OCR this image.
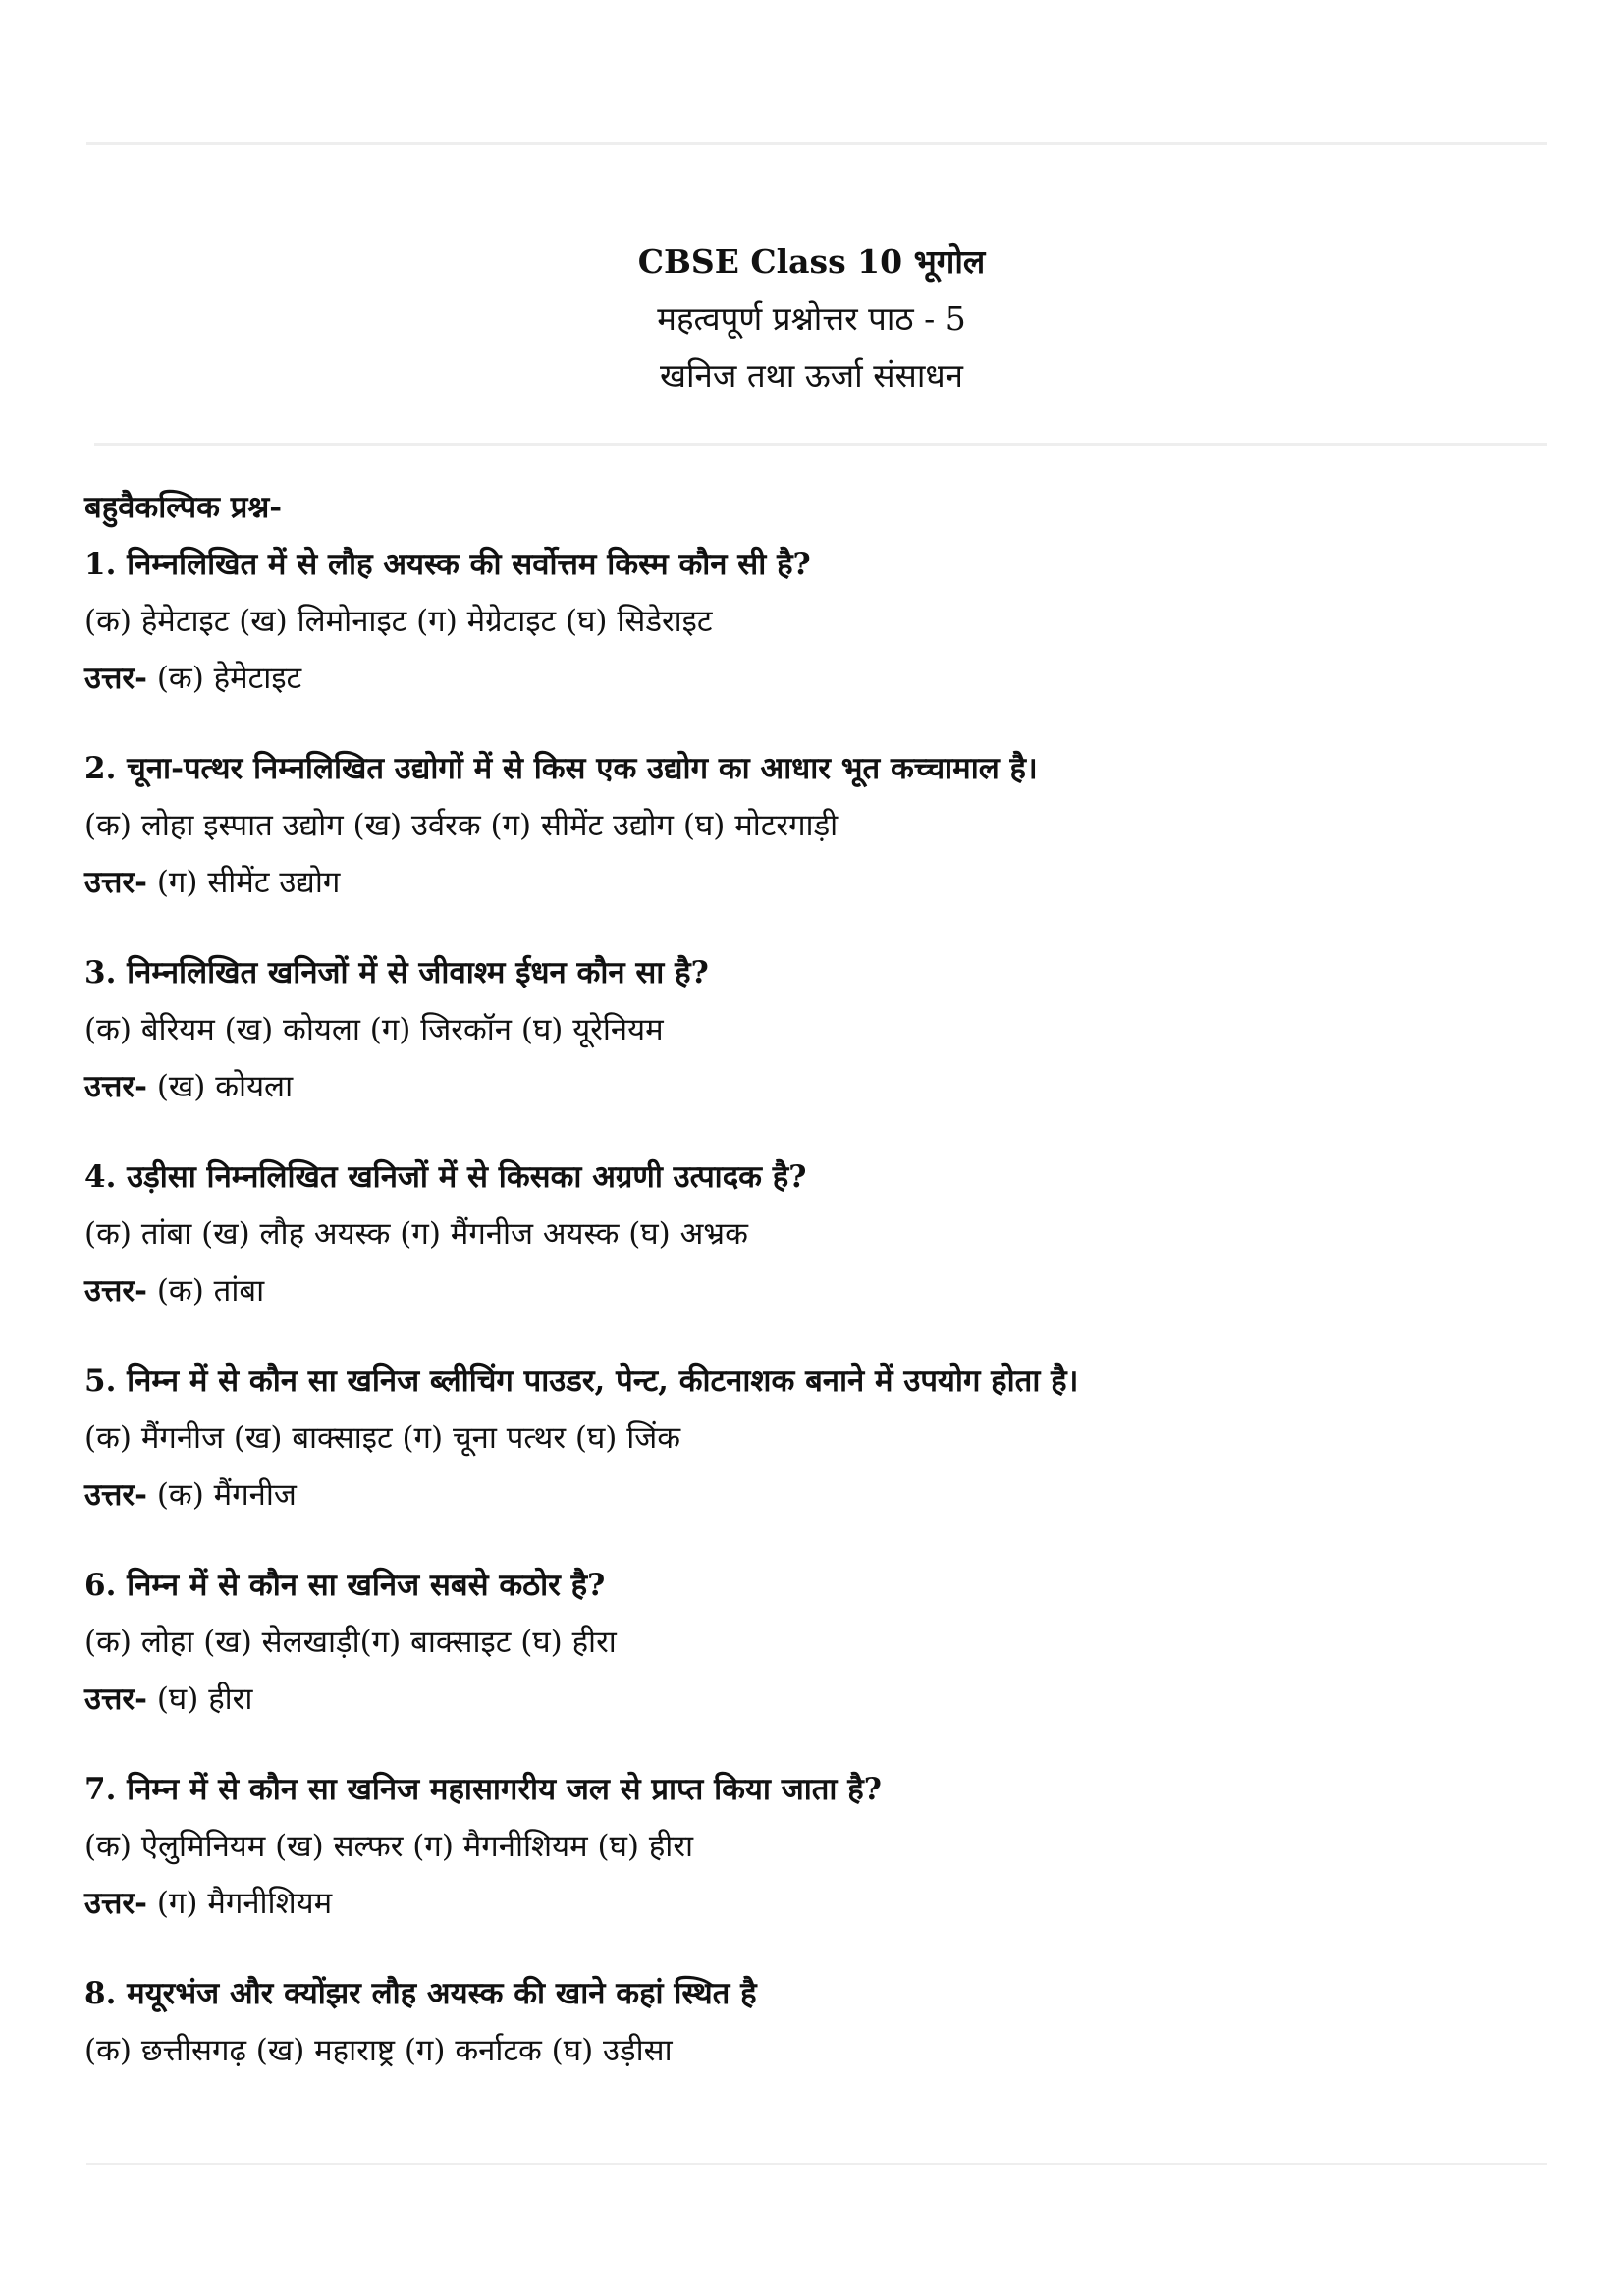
CBSE Class 10 भूगोल
महत्वपूर्ण प्रश्नोत्तर पाठ - 5
खनिज तथा ऊर्जा संसाधन
बहुवैकल्पिक प्रश्न-
1. निम्नलिखित में से लौह अयस्क की सर्वोत्तम किस्म कौन सी है?
(क) हेमेटाइट (ख) लिमोनाइट (ग) मेग्रेटाइट (घ) सिडेराइट
उत्तर- (क) हेमेटाइट
2. चूना-पत्थर निम्नलिखित उद्योगों में से किस एक उद्योग का आधार भूत कच्चामाल है।
(क) लोहा इस्पात उद्योग (ख) उर्वरक (ग) सीमेंट उद्योग (घ) मोटरगाड़ी
उत्तर- (ग) सीमेंट उद्योग
3. निम्नलिखित खनिजों में से जीवाश्म ईधन कौन सा है?
(क) बेरियम (ख) कोयला (ग) जिरकॉन (घ) यूरेनियम
उत्तर- (ख) कोयला
4. उड़ीसा निम्नलिखित खनिजों में से किसका अग्रणी उत्पादक है?
(क) तांबा (ख) लौह अयस्क (ग) मैंगनीज अयस्क (घ) अभ्रक
उत्तर- (क) तांबा
5. निम्न में से कौन सा खनिज ब्लीचिंग पाउडर, पेन्ट, कीटनाशक बनाने में उपयोग होता है।
(क) मैंगनीज (ख) बाक्साइट (ग) चूना पत्थर (घ) जिंक
उत्तर- (क) मैंगनीज
6. निम्न में से कौन सा खनिज सबसे कठोर है?
(क) लोहा (ख) सेलखाड़ी(ग) बाक्साइट (घ) हीरा
उत्तर- (घ) हीरा
7. निम्न में से कौन सा खनिज महासागरीय जल से प्राप्त किया जाता है?
(क) ऐलुमिनियम (ख) सल्फर (ग) मैगनीशियम (घ) हीरा
उत्तर- (ग) मैगनीशियम
8. मयूरभंज और क्योंझर लौह अयस्क की खाने कहां स्थित है
(क) छत्तीसगढ़ (ख) महाराष्ट्र (ग) कर्नाटक (घ) उड़ीसा
